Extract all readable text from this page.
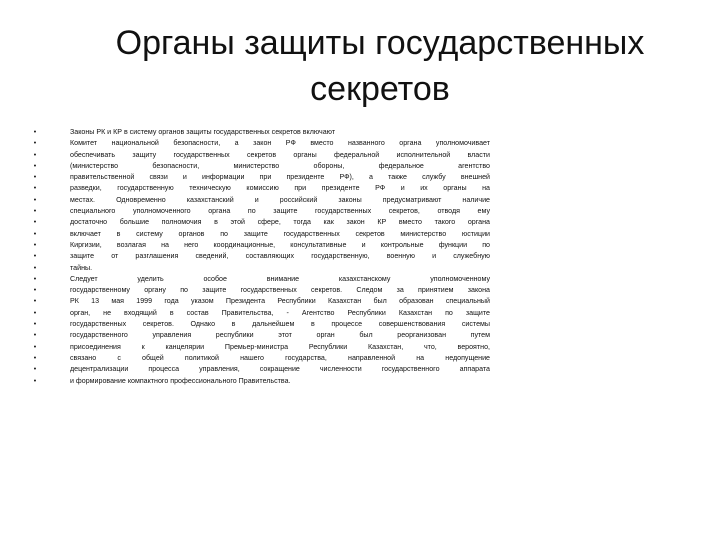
Органы защиты государственных
секретов
•	Законы РК и КР в систему органов защиты государственных секретов включают
•	Комитет национальной безопасности, а закон РФ вместо названного органа уполномочивает
•	обеспечивать защиту государственных секретов органы федеральной исполнительной власти
•	(министерство безопасности, министерство обороны, федеральное агентство
•	правительственной связи и информации при президенте РФ), а также службу внешней
•	разведки, государственную техническую комиссию при президенте РФ и их органы на
•	местах. Одновременно казахстанский и российский законы предусматривают наличие
•	специального уполномоченного органа по защите государственных секретов, отводя ему
•	достаточно большие полномочия в этой сфере, тогда как закон КР вместо такого органа
•	включает в систему органов по защите государственных секретов министерство юстиции
•	Киргизии, возлагая на него координационные, консультативные и контрольные функции по
•	защите от разглашения сведений, составляющих государственную, военную и служебную
•	тайны.
•	Следует уделить особое внимание казахстанскому уполномоченному
•	государственному органу по защите государственных секретов. Следом за принятием закона
•	РК 13 мая 1999 года указом Президента Республики Казахстан был образован специальный
•	орган, не входящий в состав Правительства, - Агентство Республики Казахстан по защите
•	государственных секретов. Однако в дальнейшем в процессе совершенствования системы
•	государственного управления республики этот орган был реорганизован путем
•	присоединения к канцелярии Премьер-министра Республики Казахстан, что, вероятно,
•	связано с общей политикой нашего государства, направленной на недопущение
•	децентрализации процесса управления, сокращение численности государственного аппарата
•	и формирование компактного профессионального Правительства.
